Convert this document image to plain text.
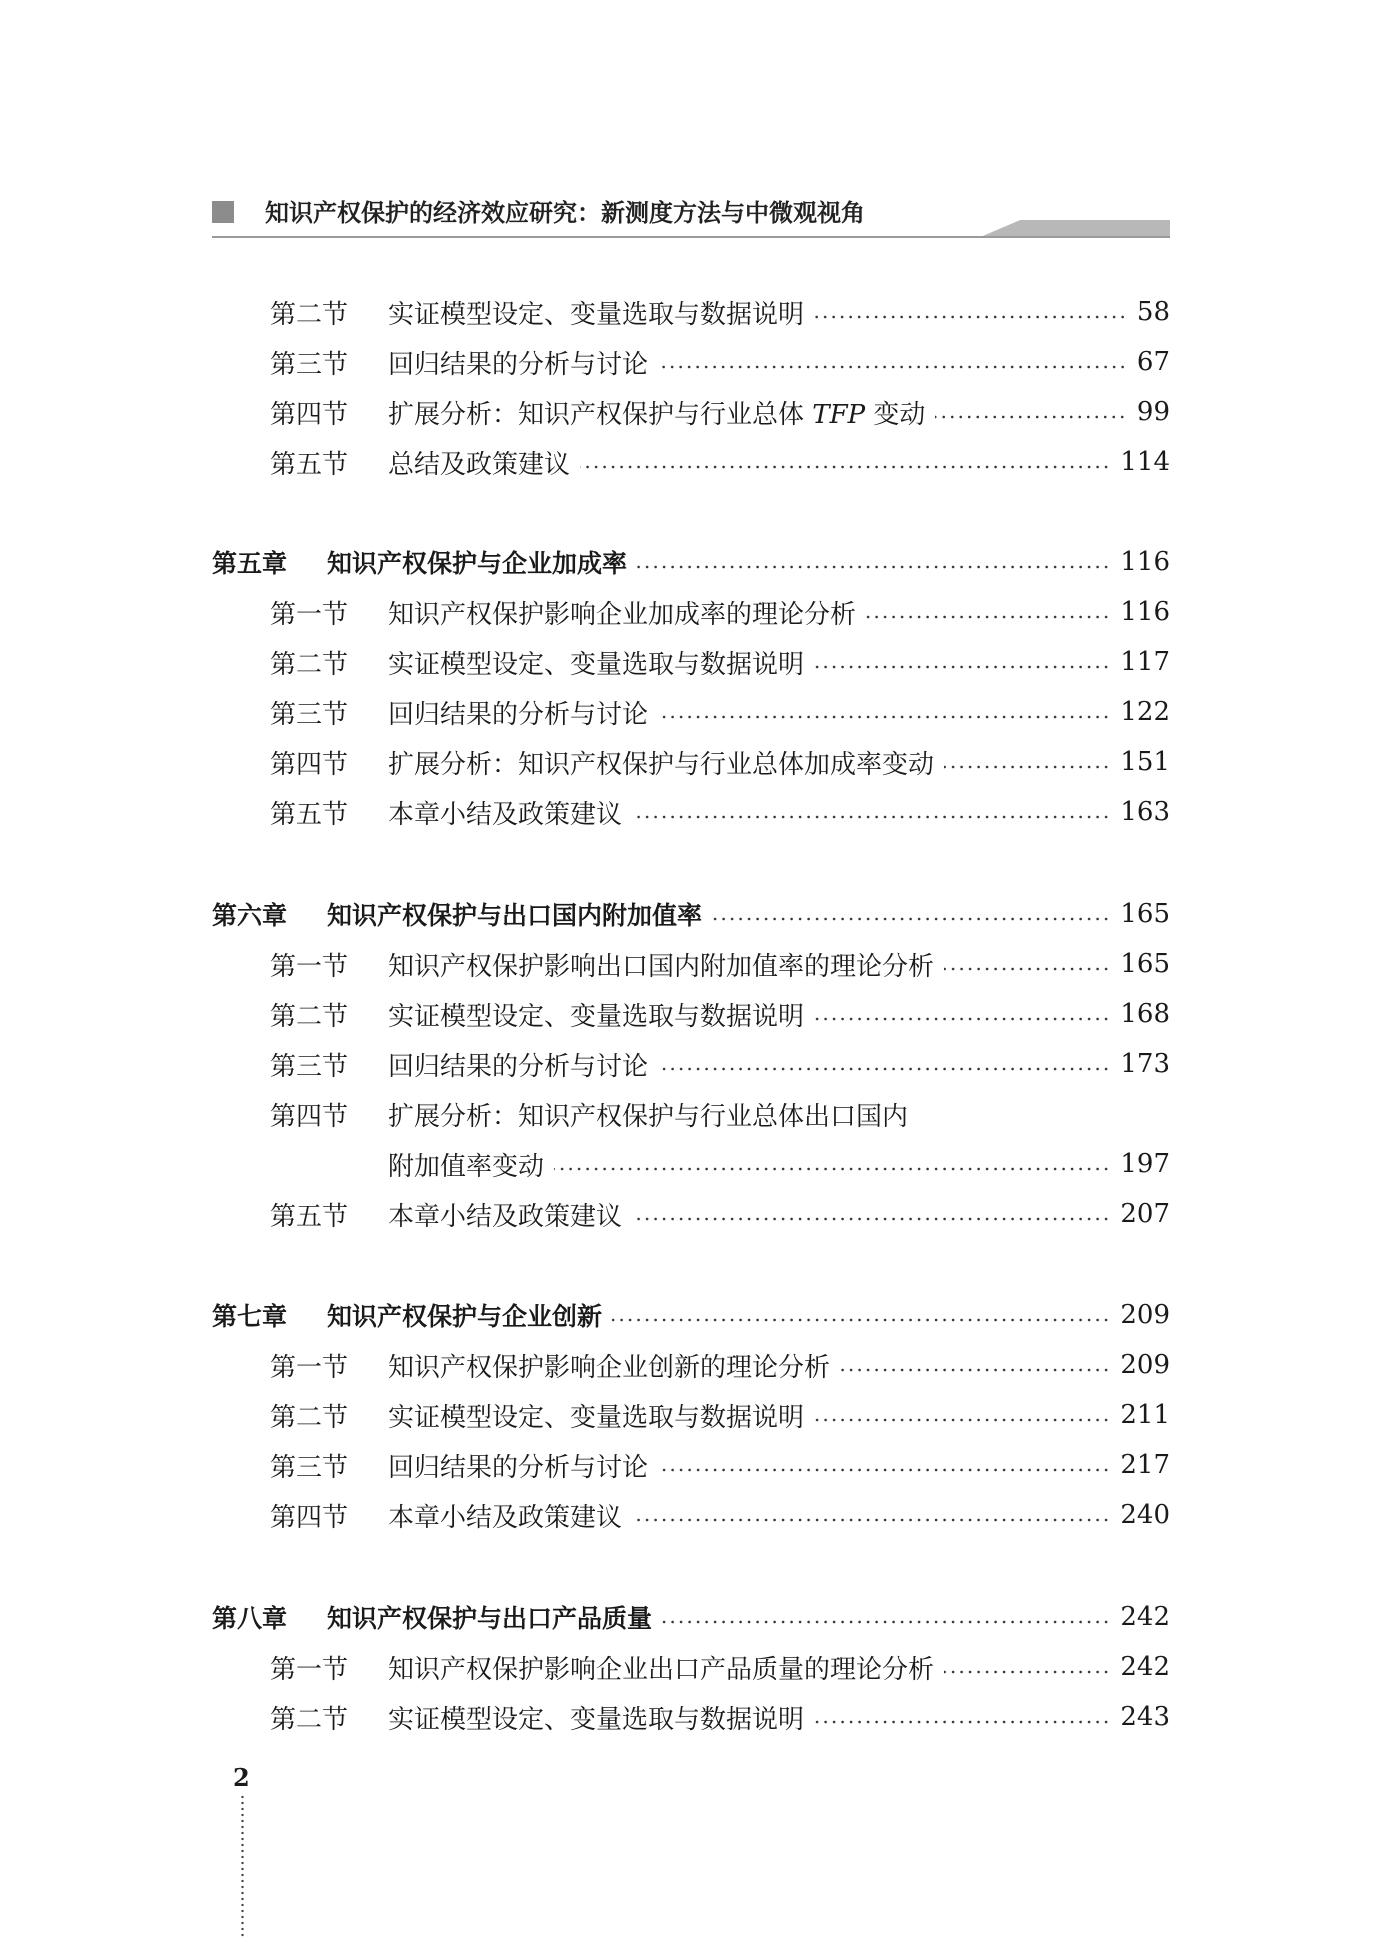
知识产权保护的经济效应研究：新测度方法与中微观视角
第二节	实证模型设定、变量选取与数据说明	58
第三节	回归结果的分析与讨论	67
第四节	扩展分析：知识产权保护与行业总体 TFP 变动	99
第五节	总结及政策建议	114
第五章	知识产权保护与企业加成率	116
第一节	知识产权保护影响企业加成率的理论分析	116
第二节	实证模型设定、变量选取与数据说明	117
第三节	回归结果的分析与讨论	122
第四节	扩展分析：知识产权保护与行业总体加成率变动	151
第五节	本章小结及政策建议	163
第六章	知识产权保护与出口国内附加值率	165
第一节	知识产权保护影响出口国内附加值率的理论分析	165
第二节	实证模型设定、变量选取与数据说明	168
第三节	回归结果的分析与讨论	173
第四节	扩展分析：知识产权保护与行业总体出口国内
附加值率变动	197
第五节	本章小结及政策建议	207
第七章	知识产权保护与企业创新	209
第一节	知识产权保护影响企业创新的理论分析	209
第二节	实证模型设定、变量选取与数据说明	211
第三节	回归结果的分析与讨论	217
第四节	本章小结及政策建议	240
第八章	知识产权保护与出口产品质量	242
第一节	知识产权保护影响企业出口产品质量的理论分析	242
第二节	实证模型设定、变量选取与数据说明	243
2
